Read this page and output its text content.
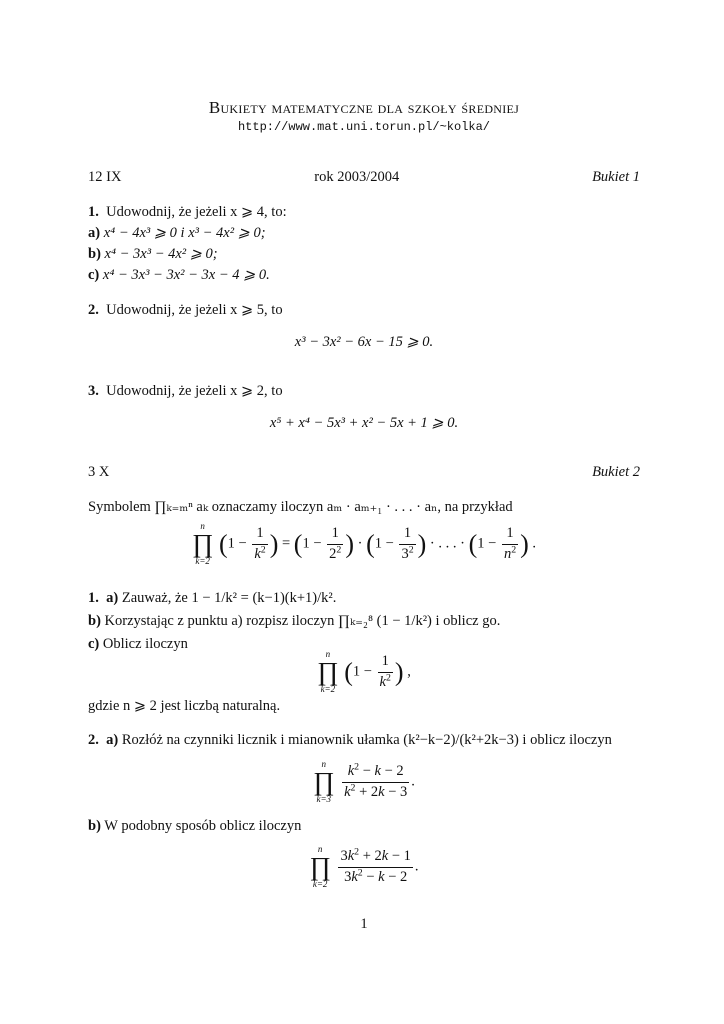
Bukiety matematyczne dla szkoły średniej
http://www.mat.uni.torun.pl/~kolka/
12 IX	rok 2003/2004	Bukiet 1
1. Udowodnij, że jeżeli x ⩾ 4, to:
a) x⁴ − 4x³ ⩾ 0 i x³ − 4x² ⩾ 0;
b) x⁴ − 3x³ − 4x² ⩾ 0;
c) x⁴ − 3x³ − 3x² − 3x − 4 ⩾ 0.
2. Udowodnij, że jeżeli x ⩾ 5, to
x³ − 3x² − 6x − 15 ⩾ 0.
3. Udowodnij, że jeżeli x ⩾ 2, to
x⁵ + x⁴ − 5x³ + x² − 5x + 1 ⩾ 0.
3 X	Bukiet 2
Symbolem ∏ₖ₌ₘⁿ aₖ oznaczamy iloczyn aₘ · aₘ₊₁ · . . . · aₙ, na przykład
n
∏
k=2
($1 - \frac{1}{k^2}$ ) = ($1 - \frac{1}{2^2}$ ) · ($1 - \frac{1}{3^2}$ ) · . . . · ($1 - \frac{1}{n^2}$ ) .
1. a) Zauważ, że 1 − 1/k² = (k−1)(k+1)/k².
b) Korzystając z punktu a) rozpisz iloczyn ∏ₖ₌₂⁸ (1 − 1/k²) i oblicz go.
c) Oblicz iloczyn
n
∏
k=2
($1 - \frac{1}{k^2}$ ) ,
gdzie n ⩾ 2 jest liczbą naturalną.
2. a) Rozłóż na czynniki licznik i mianownik ułamka (k²−k−2)/(k²+2k−3) i oblicz iloczyn
n
∏
k=3
$\frac{k^2 - k - 2}{k^2 + 2k - 3}$ .
b) W podobny sposób oblicz iloczyn
n
∏
k=2
$\frac{3k^2 + 2k - 1}{3k^2 - k - 2}$ .
1
